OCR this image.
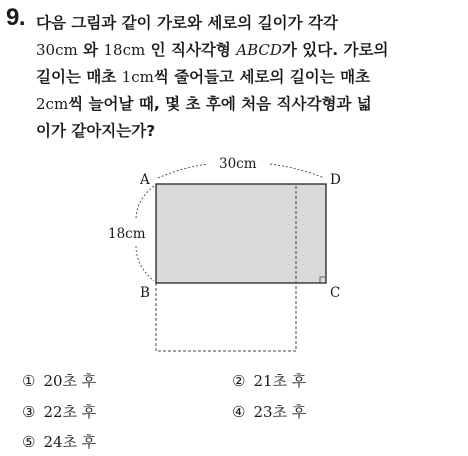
9. 다음 그림과 같이 가로와 세로의 길이가 각각
30cm 와 18cm 인 직사각형 ABCD가 있다. 가로의
길이는 매초 1cm씩 줄어들고 세로의 길이는 매초
2cm씩 늘어날 때, 몇 초 후에 처음 직사각형과 넓
이가 같아지는가?
A
B	C
D
30cm
18cm
① 20초 후	② 21초 후
③ 22초 후	④ 23초 후
⑤ 24초 후
